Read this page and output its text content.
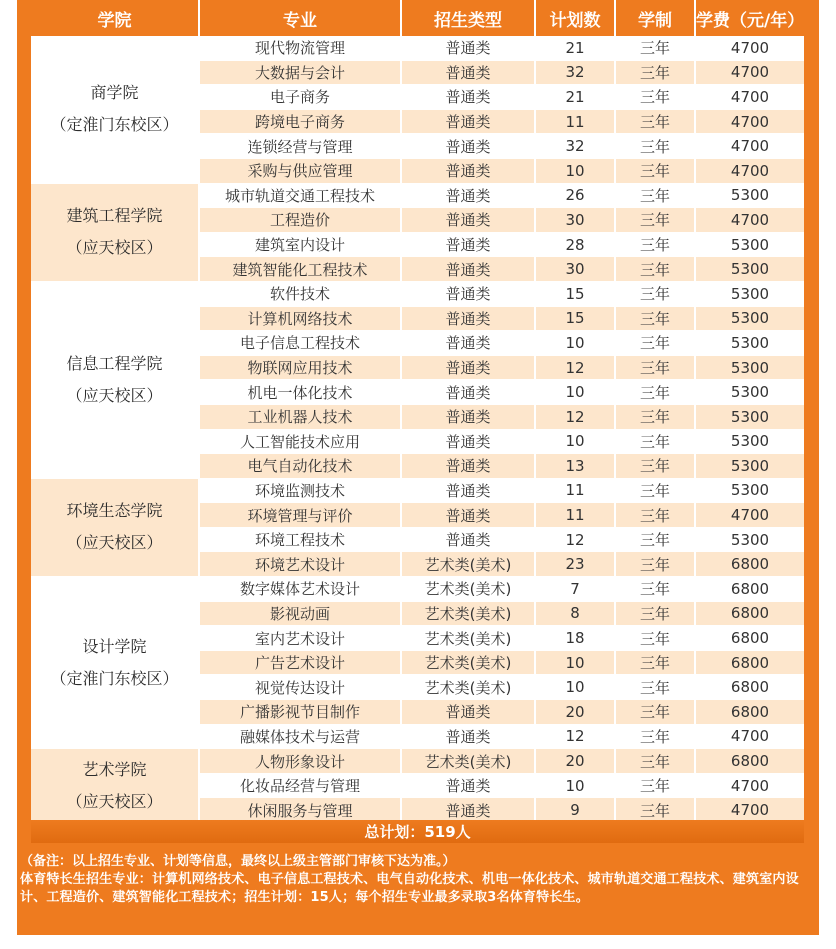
学院	专业	招生类型	计划数	学制	学费（元/年）

商学院
（定淮门东校区）	现代物流管理	普通类	21	三年	4700
	大数据与会计	普通类	32	三年	4700
	电子商务	普通类	21	三年	4700
	跨境电子商务	普通类	11	三年	4700
	连锁经营与管理	普通类	32	三年	4700
	采购与供应管理	普通类	10	三年	4700

建筑工程学院
（应天校区）	城市轨道交通工程技术	普通类	26	三年	5300
	工程造价	普通类	30	三年	4700
	建筑室内设计	普通类	28	三年	5300
	建筑智能化工程技术	普通类	30	三年	5300

信息工程学院
（应天校区）	软件技术	普通类	15	三年	5300
	计算机网络技术	普通类	15	三年	5300
	电子信息工程技术	普通类	10	三年	5300
	物联网应用技术	普通类	12	三年	5300
	机电一体化技术	普通类	10	三年	5300
	工业机器人技术	普通类	12	三年	5300
	人工智能技术应用	普通类	10	三年	5300
	电气自动化技术	普通类	13	三年	5300

环境生态学院
（应天校区）	环境监测技术	普通类	11	三年	5300
	环境管理与评价	普通类	11	三年	4700
	环境工程技术	普通类	12	三年	5300
	环境艺术设计	艺术类(美术)	23	三年	6800

设计学院
（定淮门东校区）	数字媒体艺术设计	艺术类(美术)	7	三年	6800
	影视动画	艺术类(美术)	8	三年	6800
	室内艺术设计	艺术类(美术)	18	三年	6800
	广告艺术设计	艺术类(美术)	10	三年	6800
	视觉传达设计	艺术类(美术)	10	三年	6800
	广播影视节目制作	普通类	20	三年	6800
	融媒体技术与运营	普通类	12	三年	4700

艺术学院
（应天校区）	人物形象设计	艺术类(美术)	20	三年	6800
	化妆品经营与管理	普通类	10	三年	4700
	休闲服务与管理	普通类	9	三年	4700
总计划：519人

（备注：以上招生专业、计划等信息，最终以上级主管部门审核下达为准。）

体育特长生招生专业：计算机网络技术、电子信息工程技术、电气自动化技术、机电一体化技术、城市轨道交通工程技术、建筑室内设计、工程造价、建筑智能化工程技术；招生计划：15人；每个招生专业最多录取3名体育特长生。
